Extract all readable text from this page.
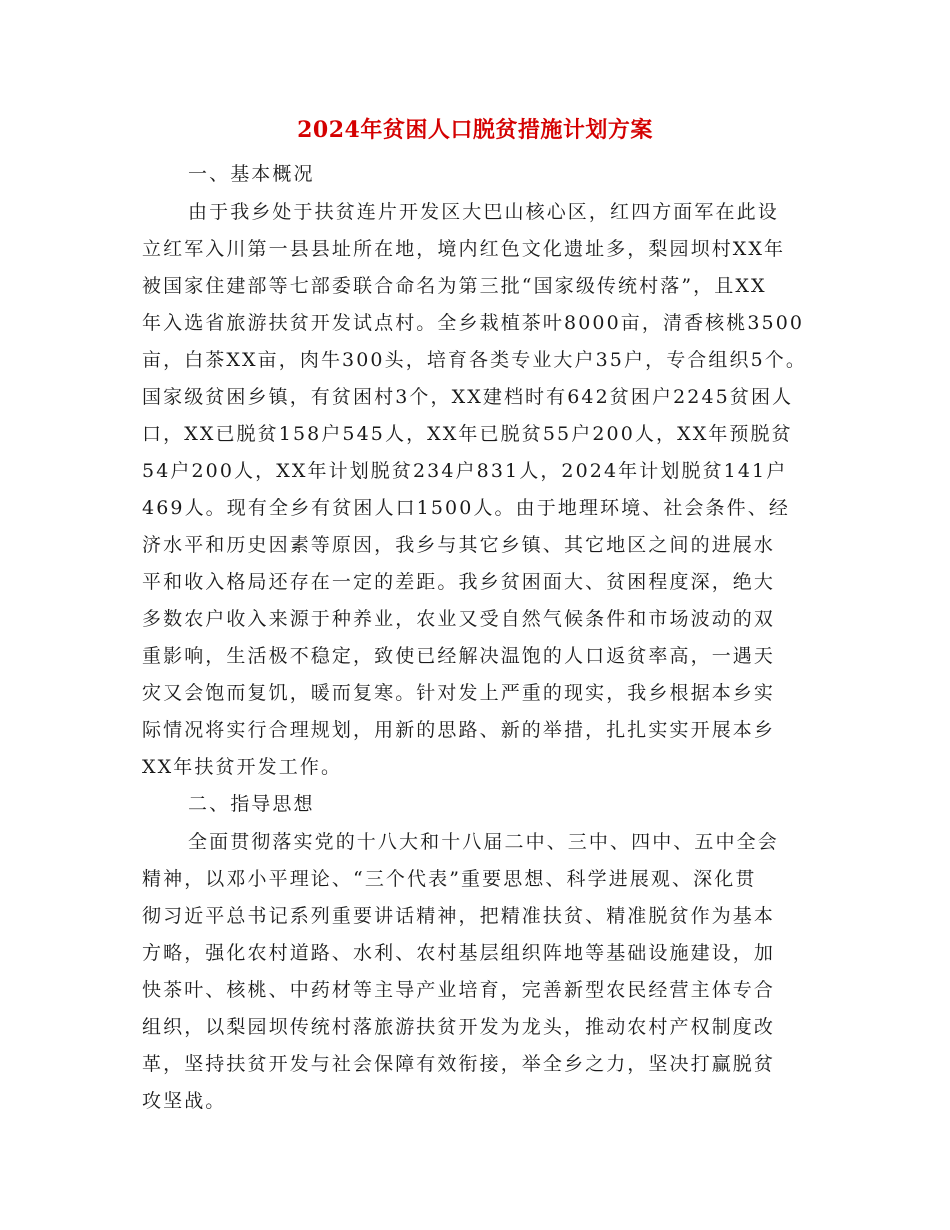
2024年贫困人口脱贫措施计划方案
一、基本概况
由于我乡处于扶贫连片开发区大巴山核心区，红四方面军在此设
立红军入川第一县县址所在地，境内红色文化遗址多，梨园坝村XX年
被国家住建部等七部委联合命名为第三批“国家级传统村落”，且XX
年入选省旅游扶贫开发试点村。全乡栽植茶叶8000亩，清香核桃3500
亩，白茶XX亩，肉牛300头，培育各类专业大户35户，专合组织5个。
国家级贫困乡镇，有贫困村3个，XX建档时有642贫困户2245贫困人
口，XX已脱贫158户545人，XX年已脱贫55户200人，XX年预脱贫
54户200人，XX年计划脱贫234户831人，2024年计划脱贫141户
469人。现有全乡有贫困人口1500人。由于地理环境、社会条件、经
济水平和历史因素等原因，我乡与其它乡镇、其它地区之间的进展水
平和收入格局还存在一定的差距。我乡贫困面大、贫困程度深，绝大
多数农户收入来源于种养业，农业又受自然气候条件和市场波动的双
重影响，生活极不稳定，致使已经解决温饱的人口返贫率高，一遇天
灾又会饱而复饥，暖而复寒。针对发上严重的现实，我乡根据本乡实
际情况将实行合理规划，用新的思路、新的举措，扎扎实实开展本乡
XX年扶贫开发工作。
二、指导思想
全面贯彻落实党的十八大和十八届二中、三中、四中、五中全会
精神，以邓小平理论、“三个代表”重要思想、科学进展观、深化贯
彻习近平总书记系列重要讲话精神，把精准扶贫、精准脱贫作为基本
方略，强化农村道路、水利、农村基层组织阵地等基础设施建设，加
快茶叶、核桃、中药材等主导产业培育，完善新型农民经营主体专合
组织，以梨园坝传统村落旅游扶贫开发为龙头，推动农村产权制度改
革，坚持扶贫开发与社会保障有效衔接，举全乡之力，坚决打赢脱贫
攻坚战。
